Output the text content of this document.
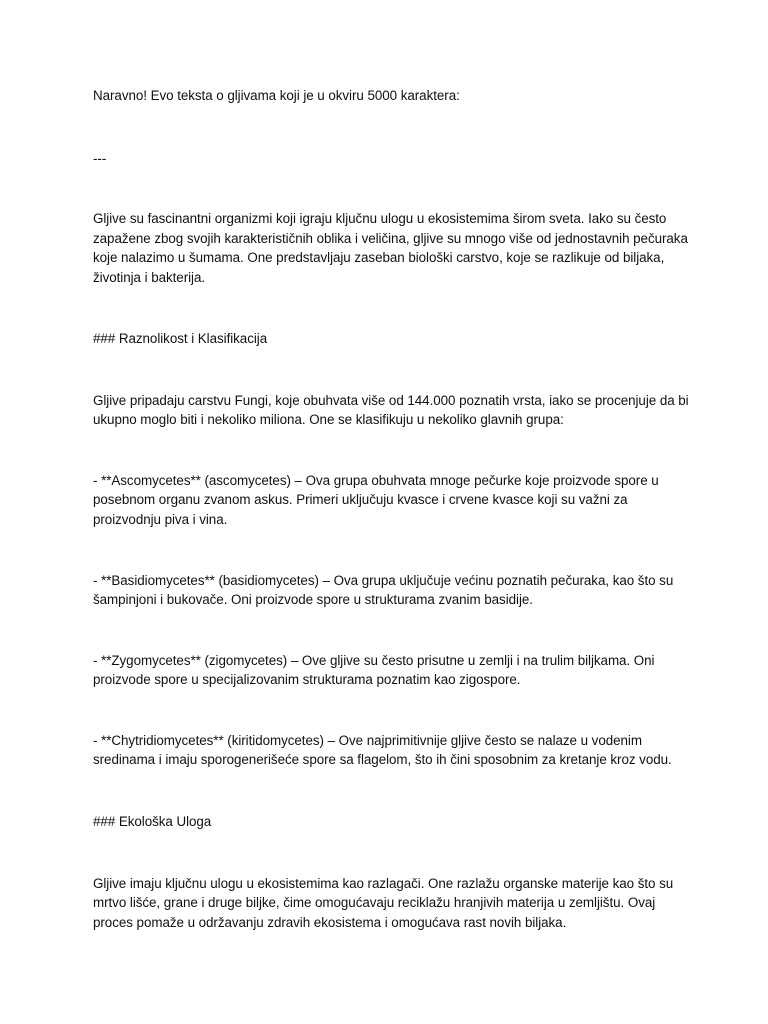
Naravno! Evo teksta o gljivama koji je u okviru 5000 karaktera:
---
Gljive su fascinantni organizmi koji igraju ključnu ulogu u ekosistemima širom sveta. Iako su često
zapažene zbog svojih karakterističnih oblika i veličina, gljive su mnogo više od jednostavnih pečuraka
koje nalazimo u šumama. One predstavljaju zaseban biološki carstvo, koje se razlikuje od biljaka,
životinja i bakterija.
### Raznolikost i Klasifikacija
Gljive pripadaju carstvu Fungi, koje obuhvata više od 144.000 poznatih vrsta, iako se procenjuje da bi
ukupno moglo biti i nekoliko miliona. One se klasifikuju u nekoliko glavnih grupa:
- **Ascomycetes** (ascomycetes) – Ova grupa obuhvata mnoge pečurke koje proizvode spore u
posebnom organu zvanom askus. Primeri uključuju kvasce i crvene kvasce koji su važni za
proizvodnju piva i vina.
- **Basidiomycetes** (basidiomycetes) – Ova grupa uključuje većinu poznatih pečuraka, kao što su
šampinjoni i bukovače. Oni proizvode spore u strukturama zvanim basidije.
- **Zygomycetes** (zigomycetes) – Ove gljive su često prisutne u zemlji i na trulim biljkama. Oni
proizvode spore u specijalizovanim strukturama poznatim kao zigospore.
- **Chytridiomycetes** (kiritidomycetes) – Ove najprimitivnije gljive često se nalaze u vodenim
sredinama i imaju sporogenerišeće spore sa flagelom, što ih čini sposobnim za kretanje kroz vodu.
### Ekološka Uloga
Gljive imaju ključnu ulogu u ekosistemima kao razlagači. One razlažu organske materije kao što su
mrtvo lišće, grane i druge biljke, čime omogućavaju reciklažu hranjivih materija u zemljištu. Ovaj
proces pomaže u održavanju zdravih ekosistema i omogućava rast novih biljaka.
